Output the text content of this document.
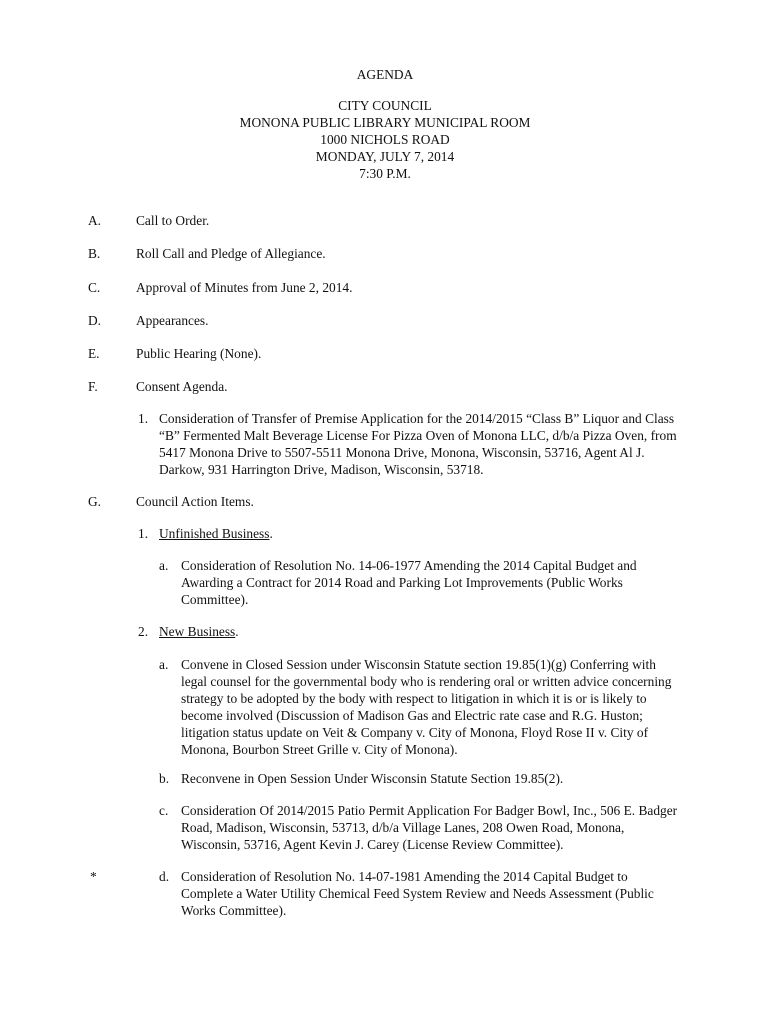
AGENDA
CITY COUNCIL
MONONA PUBLIC LIBRARY MUNICIPAL ROOM
1000 NICHOLS ROAD
MONDAY, JULY 7, 2014
7:30 P.M.
A.	Call to Order.
B.	Roll Call and Pledge of Allegiance.
C.	Approval of Minutes from June 2, 2014.
D.	Appearances.
E.	Public Hearing (None).
F.	Consent Agenda.
1. Consideration of Transfer of Premise Application for the 2014/2015 “Class B” Liquor and Class
“B” Fermented Malt Beverage License For Pizza Oven of Monona LLC, d/b/a Pizza Oven, from
5417 Monona Drive to 5507-5511 Monona Drive, Monona, Wisconsin, 53716, Agent Al J.
Darkow, 931 Harrington Drive, Madison, Wisconsin, 53718.
G.	Council Action Items.
1. Unfinished Business.
a. Consideration of Resolution No. 14-06-1977 Amending the 2014 Capital Budget and
Awarding a Contract for 2014 Road and Parking Lot Improvements (Public Works
Committee).
2. New Business.
a. Convene in Closed Session under Wisconsin Statute section 19.85(1)(g) Conferring with
legal counsel for the governmental body who is rendering oral or written advice concerning
strategy to be adopted by the body with respect to litigation in which it is or is likely to
become involved (Discussion of Madison Gas and Electric rate case and R.G. Huston;
litigation status update on Veit & Company v. City of Monona, Floyd Rose II v. City of
Monona, Bourbon Street Grille v. City of Monona).
b. Reconvene in Open Session Under Wisconsin Statute Section 19.85(2).
c. Consideration Of 2014/2015 Patio Permit Application For Badger Bowl, Inc., 506 E. Badger
Road, Madison, Wisconsin, 53713, d/b/a Village Lanes, 208 Owen Road, Monona,
Wisconsin, 53716, Agent Kevin J. Carey (License Review Committee).
*	d. Consideration of Resolution No. 14-07-1981 Amending the 2014 Capital Budget to
Complete a Water Utility Chemical Feed System Review and Needs Assessment (Public
Works Committee).
